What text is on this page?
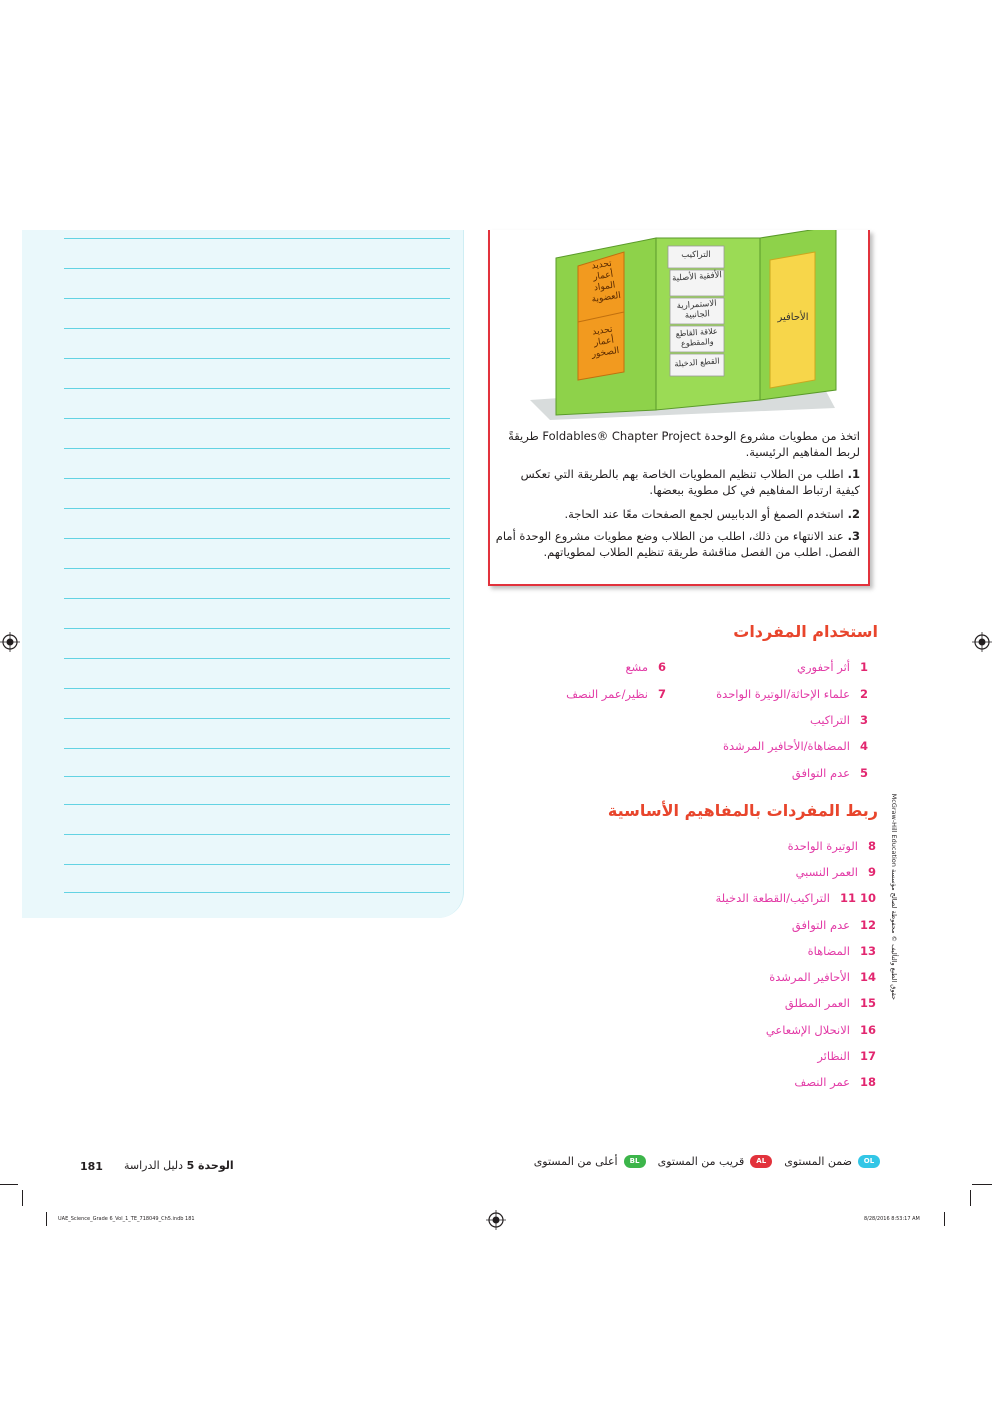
تحديد أعمار المواد العضوية
تحديد أعمار الصخور
التراكيب
الأفقية الأصلية
الاستمرارية الجانبية
علاقة القاطع والمقطوع
القطع الدخيلة
الأحافير
اتخذ من مطويات مشروع الوحدة Foldables® Chapter Project طريقةً لربط المفاهيم الرئيسية.
1.اطلب من الطلاب تنظيم المطويات الخاصة بهم بالطريقة التي تعكس كيفية ارتباط المفاهيم في كل مطوية ببعضها.
2.استخدم الصمغ أو الدبابيس لجمع الصفحات معًا عند الحاجة.
3.عند الانتهاء من ذلك، اطلب من الطلاب وضع مطويات مشروع الوحدة أمام الفصل. اطلب من الفصل مناقشة طريقة تنظيم الطلاب لمطوياتهم.
استخدام المفردات
1أثر أحفوري
2علماء الإحاثة/الوتيرة الواحدة
3التراكيب
4المضاهاة/الأحافير المرشدة
5عدم التوافق
6مشع
7نظير/عمر النصف
ربط المفردات بالمفاهيم الأساسية
8الوتيرة الواحدة
9العمر النسبي
10 11التراكيب/القطعة الدخيلة
12عدم التوافق
13المضاهاة
14الأحافير المرشدة
15العمر المطلق
16الانحلال الإشعاعي
17النظائر
18عمر النصف
حقوق الطبع والتأليف © محفوظة لصالح مؤسسة McGraw-Hill Education
181	الوحدة 5 دليل الدراسة	OL
ضمن المستوى
AL
قريب من المستوى
BL
أعلى من المستوى
UAE_Science_Grade 6_Vol_1_TE_718049_Ch5.indb 181	8/28/2016 8:53:17 AM
